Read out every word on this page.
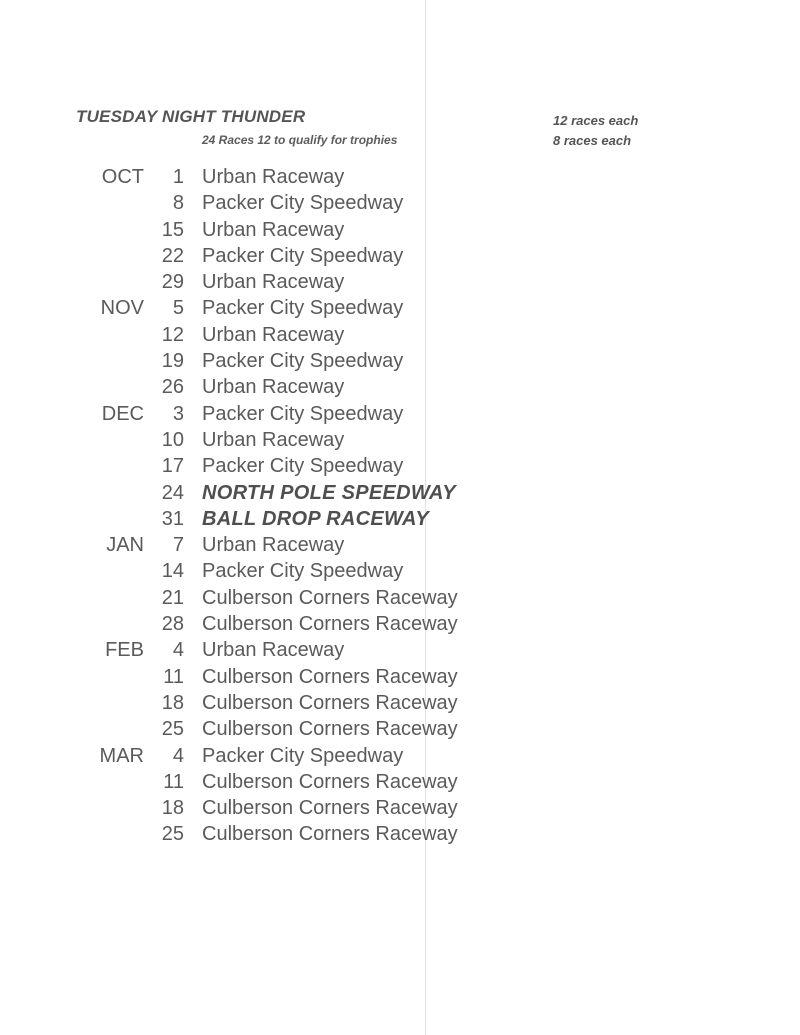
TUESDAY NIGHT THUNDER
24 Races 12 to qualify for trophies
12 races each
8 races each
OCT	1 Urban Raceway
8 Packer City Speedway
15 Urban Raceway
22 Packer City Speedway
29 Urban Raceway
NOV	5 Packer City Speedway
12 Urban Raceway
19 Packer City Speedway
26 Urban Raceway
DEC	3 Packer City Speedway
10 Urban Raceway
17 Packer City Speedway
24 NORTH POLE SPEEDWAY
31 BALL DROP RACEWAY
JAN	7 Urban Raceway
14 Packer City Speedway
21 Culberson Corners Raceway
28 Culberson Corners Raceway
FEB	4 Urban Raceway
11 Culberson Corners Raceway
18 Culberson Corners Raceway
25 Culberson Corners Raceway
MAR	4 Packer City Speedway
11 Culberson Corners Raceway
18 Culberson Corners Raceway
25 Culberson Corners Raceway
